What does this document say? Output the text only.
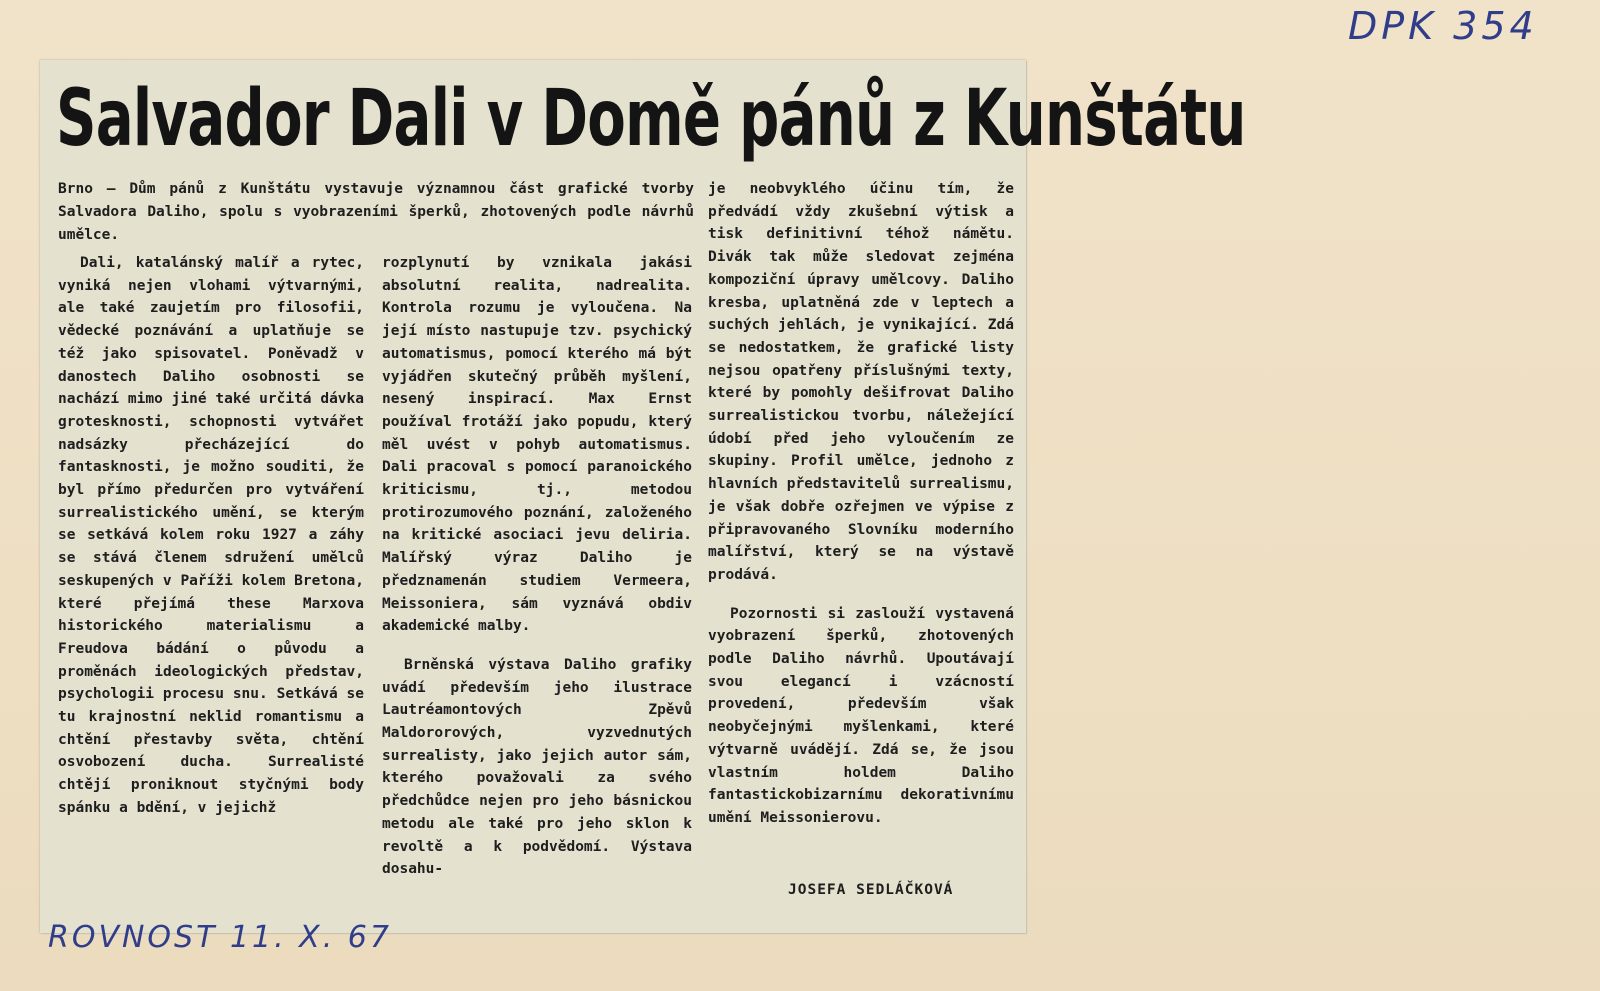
DPK 354
Salvador Dali v Domě pánů z Kunštátu

Brno — Dům pánů z Kunštátu vystavuje významnou část grafické tvorby Salvadora Daliho, spolu s vyobrazeními šperků, zhotovených podle návrhů umělce.

Dali, katalánský malíř a rytec, vyniká nejen vlohami výtvarnými, ale také zaujetím pro filosofii, vědecké poznávání a uplatňuje se též jako spisovatel. Poněvadž v danostech Daliho osobnosti se nachází mimo jiné také určitá dávka grotesknosti, schopnosti vytvářet nadsázky přecházející do fantasknosti, je možno souditi, že byl přímo předurčen pro vytváření surrealistického umění, se kterým se setkává kolem roku 1927 a záhy se stává členem sdružení umělců seskupených v Paříži kolem Bretona, které přejímá these Marxova historického materialismu a Freudova bádání o původu a proměnách ideologických představ, psychologii procesu snu. Setkává se tu krajnostní neklid romantismu a chtění přestavby světa, chtění osvobození ducha. Surrealisté chtějí proniknout styčnými body spánku a bdění, v jejichž

rozplynutí by vznikala jakási absolutní realita, nadrealita. Kontrola rozumu je vyloučena. Na její místo nastupuje tzv. psychický automatismus, pomocí kterého má být vyjádřen skutečný průběh myšlení, nesený inspirací. Max Ernst používal frotáží jako popudu, který měl uvést v pohyb automatismus. Dali pracoval s pomocí paranoického kriticismu, tj., metodou protirozumového poznání, založeného na kritické asociaci jevu deliria. Malířský výraz Daliho je předznamenán studiem Vermeera, Meissoniera, sám vyznává obdiv akademické malby.

Brněnská výstava Daliho grafiky uvádí především jeho ilustrace Lautréamontových Zpěvů Maldororových, vyzvednutých surrealisty, jako jejich autor sám, kterého považovali za svého předchůdce nejen pro jeho básnickou metodu ale také pro jeho sklon k revoltě a k podvědomí. Výstava dosahu-

je neobvyklého účinu tím, že předvádí vždy zkušební výtisk a tisk definitivní téhož námětu. Divák tak může sledovat zejména kompoziční úpravy umělcovy. Daliho kresba, uplatněná zde v leptech a suchých jehlách, je vynikající. Zdá se nedostatkem, že grafické listy nejsou opatřeny příslušnými texty, které by pomohly dešifrovat Daliho surrealistickou tvorbu, náležející údobí před jeho vyloučením ze skupiny. Profil umělce, jednoho z hlavních představitelů surrealismu, je však dobře ozřejmen ve výpise z připravovaného Slovníku moderního malířství, který se na výstavě prodává.

Pozornosti si zaslouží vystavená vyobrazení šperků, zhotovených podle Daliho návrhů. Upoutávají svou elegancí i vzácností provedení, především však neobyčejnými myšlenkami, které výtvarně uvádějí. Zdá se, že jsou vlastním holdem Daliho fantastickobizarnímu dekorativnímu umění Meissonierovu.

JOSEFA SEDLÁČKOVÁ
ROVNOST 11. X. 67
